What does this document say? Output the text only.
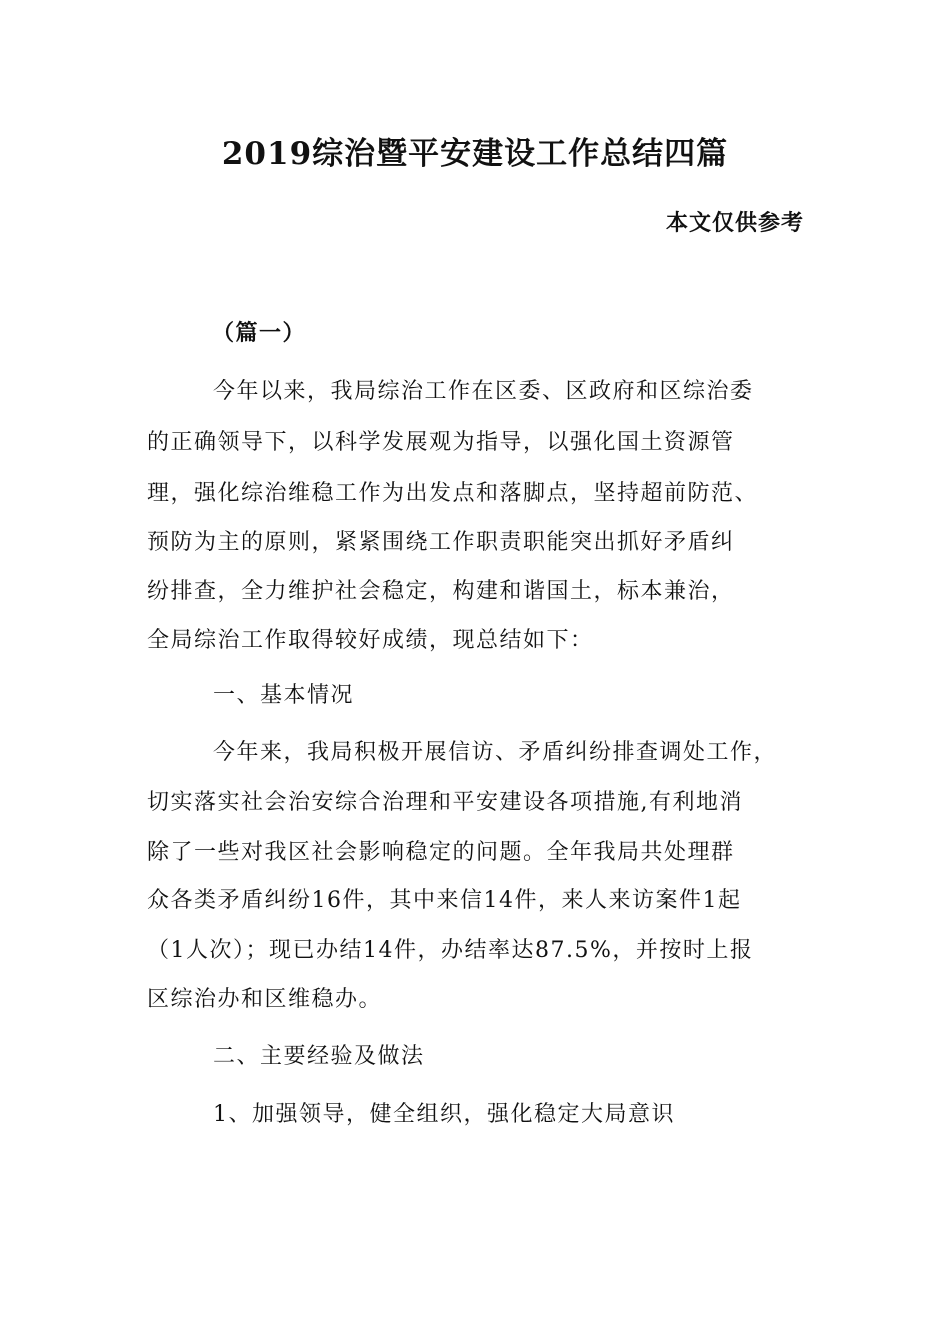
2019综治暨平安建设工作总结四篇
本文仅供参考
（篇一）
今年以来，我局综治工作在区委、区政府和区综治委
的正确领导下，以科学发展观为指导，以强化国土资源管
理，强化综治维稳工作为出发点和落脚点，坚持超前防范、
预防为主的原则，紧紧围绕工作职责职能突出抓好矛盾纠
纷排查，全力维护社会稳定，构建和谐国土，标本兼治，
全局综治工作取得较好成绩，现总结如下：
一、基本情况
今年来，我局积极开展信访、矛盾纠纷排查调处工作，
切实落实社会治安综合治理和平安建设各项措施,有利地消
除了一些对我区社会影响稳定的问题。全年我局共处理群
众各类矛盾纠纷16件，其中来信14件，来人来访案件1起
（1人次）；现已办结14件，办结率达87.5%，并按时上报
区综治办和区维稳办。
二、主要经验及做法
1、加强领导，健全组织，强化稳定大局意识
